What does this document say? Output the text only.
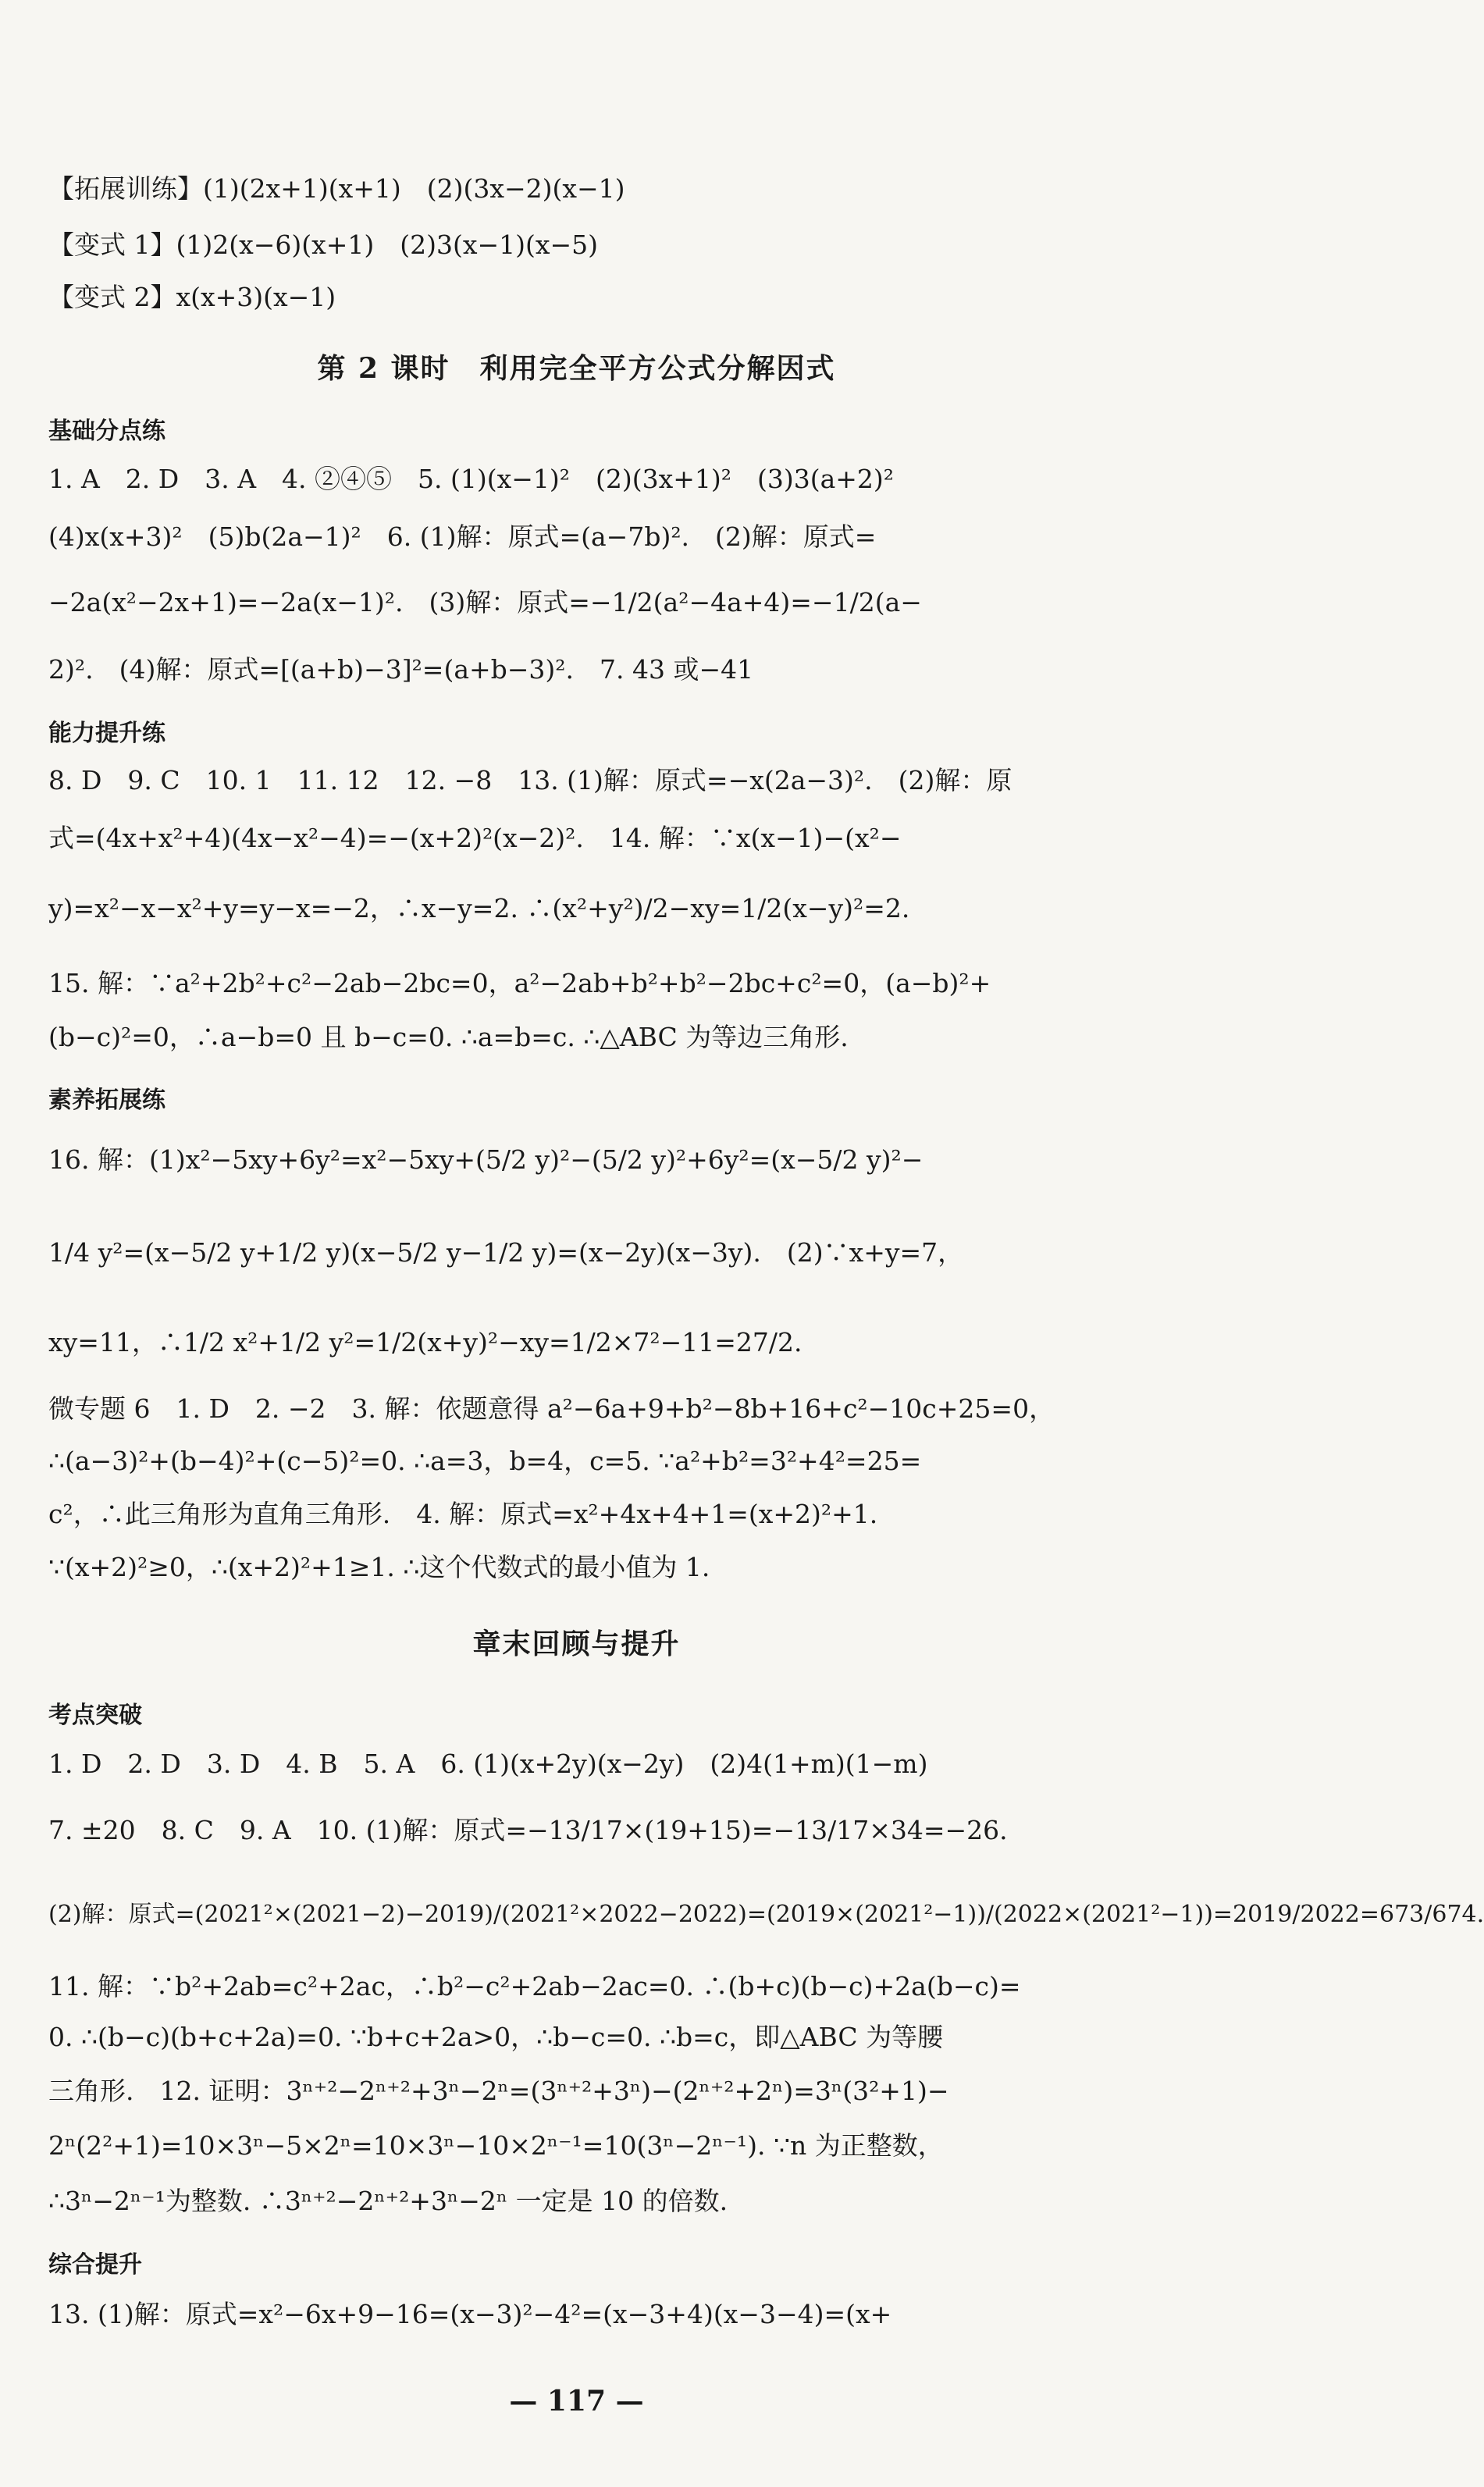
【拓展训练】(1)(2x+1)(x+1)　(2)(3x−2)(x−1)
【变式 1】(1)2(x−6)(x+1)　(2)3(x−1)(x−5)
【变式 2】x(x+3)(x−1)
第 2 课时　利用完全平方公式分解因式
基础分点练
1. A　2. D　3. A　4. ②④⑤　5. (1)(x−1)²　(2)(3x+1)²　(3)3(a+2)²
(4)x(x+3)²　(5)b(2a−1)²　6. (1)解：原式=(a−7b)².　(2)解：原式=
−2a(x²−2x+1)=−2a(x−1)².　(3)解：原式=−1/2(a²−4a+4)=−1/2(a−
2)².　(4)解：原式=[(a+b)−3]²=(a+b−3)².　7. 43 或−41
能力提升练
8. D　9. C　10. 1　11. 12　12. −8　13. (1)解：原式=−x(2a−3)².　(2)解：原
式=(4x+x²+4)(4x−x²−4)=−(x+2)²(x−2)².　14. 解：∵x(x−1)−(x²−
y)=x²−x−x²+y=y−x=−2，∴x−y=2. ∴(x²+y²)/2−xy=1/2(x−y)²=2.
15. 解：∵a²+2b²+c²−2ab−2bc=0，a²−2ab+b²+b²−2bc+c²=0，(a−b)²+
(b−c)²=0，∴a−b=0 且 b−c=0. ∴a=b=c. ∴△ABC 为等边三角形.
素养拓展练
16. 解：(1)x²−5xy+6y²=x²−5xy+(5/2 y)²−(5/2 y)²+6y²=(x−5/2 y)²−
1/4 y²=(x−5/2 y+1/2 y)(x−5/2 y−1/2 y)=(x−2y)(x−3y).　(2)∵x+y=7，
xy=11，∴1/2 x²+1/2 y²=1/2(x+y)²−xy=1/2×7²−11=27/2.
微专题 6　1. D　2. −2　3. 解：依题意得 a²−6a+9+b²−8b+16+c²−10c+25=0，
∴(a−3)²+(b−4)²+(c−5)²=0. ∴a=3，b=4，c=5. ∵a²+b²=3²+4²=25=
c²，∴此三角形为直角三角形.　4. 解：原式=x²+4x+4+1=(x+2)²+1.
∵(x+2)²≥0，∴(x+2)²+1≥1. ∴这个代数式的最小值为 1.
章末回顾与提升
考点突破
1. D　2. D　3. D　4. B　5. A　6. (1)(x+2y)(x−2y)　(2)4(1+m)(1−m)
7. ±20　8. C　9. A　10. (1)解：原式=−13/17×(19+15)=−13/17×34=−26.
(2)解：原式=(2021²×(2021−2)−2019)/(2021²×2022−2022)=(2019×(2021²−1))/(2022×(2021²−1))=2019/2022=673/674.
11. 解：∵b²+2ab=c²+2ac，∴b²−c²+2ab−2ac=0. ∴(b+c)(b−c)+2a(b−c)=
0. ∴(b−c)(b+c+2a)=0. ∵b+c+2a>0，∴b−c=0. ∴b=c，即△ABC 为等腰
三角形.　12. 证明：3ⁿ⁺²−2ⁿ⁺²+3ⁿ−2ⁿ=(3ⁿ⁺²+3ⁿ)−(2ⁿ⁺²+2ⁿ)=3ⁿ(3²+1)−
2ⁿ(2²+1)=10×3ⁿ−5×2ⁿ=10×3ⁿ−10×2ⁿ⁻¹=10(3ⁿ−2ⁿ⁻¹). ∵n 为正整数，
∴3ⁿ−2ⁿ⁻¹为整数. ∴3ⁿ⁺²−2ⁿ⁺²+3ⁿ−2ⁿ 一定是 10 的倍数.
综合提升
13. (1)解：原式=x²−6x+9−16=(x−3)²−4²=(x−3+4)(x−3−4)=(x+
— 117 —
